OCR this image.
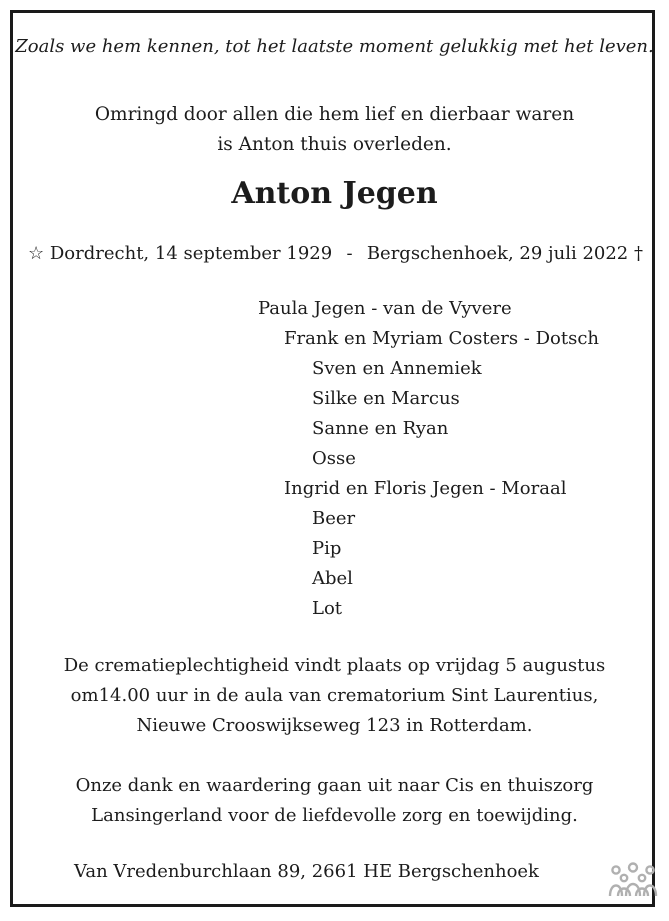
Zoals we hem kennen, tot het laatste moment gelukkig met het leven.
Omringd door allen die hem lief en dierbaar waren
is Anton thuis overleden.
Anton Jegen
☆ Dordrecht, 14 september 1929 - Bergschenhoek, 29 juli 2022 †
Paula Jegen - van de Vyvere
Frank en Myriam Costers - Dotsch
Sven en Annemiek
Silke en Marcus
Sanne en Ryan
Osse
Ingrid en Floris Jegen - Moraal
Beer
Pip
Abel
Lot
De crematieplechtigheid vindt plaats op vrijdag 5 augustus
om14.00 uur in de aula van crematorium Sint Laurentius,
Nieuwe Crooswijkseweg 123 in Rotterdam.
Onze dank en waardering gaan uit naar Cis en thuiszorg
Lansingerland voor de liefdevolle zorg en toewijding.
Van Vredenburchlaan 89, 2661 HE Bergschenhoek
